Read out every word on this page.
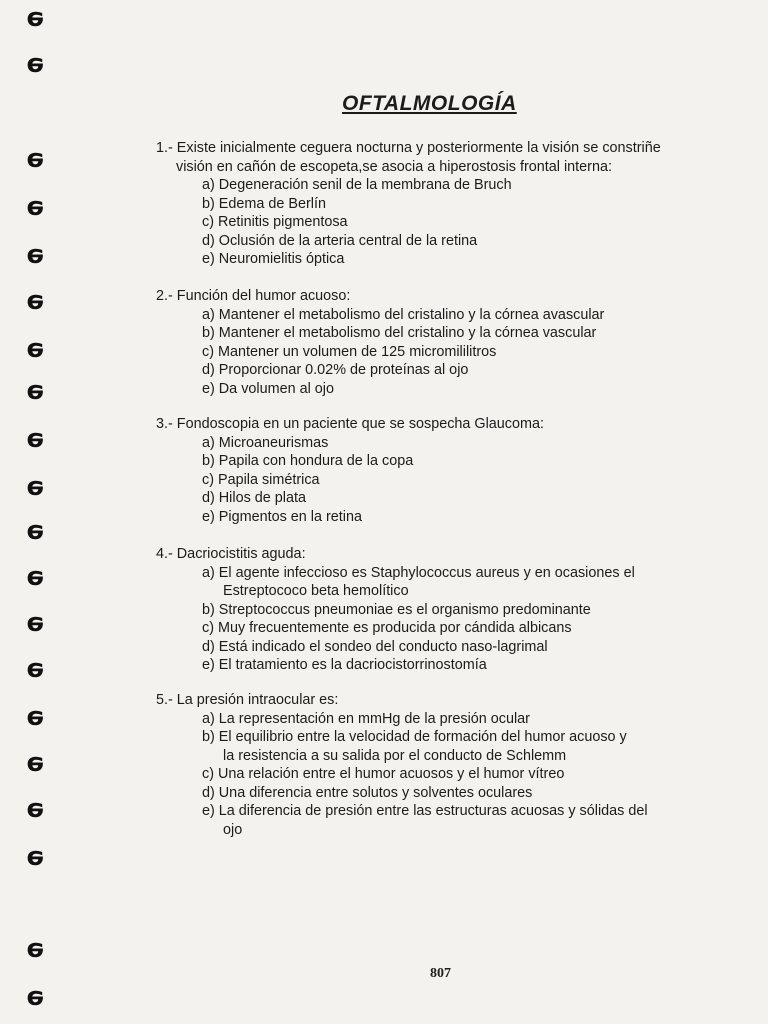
ə
ə
ə
ə
ə
ə
ə
ə
ə
ə
ə
ə
ə
ə
ə
ə
ə
ə
ə
ə
OFTALMOLOGÍA
1.- Existe inicialmente ceguera nocturna y posteriormente la visión se constriñe
visión en cañón de escopeta,se asocia a hiperostosis frontal interna:
a) Degeneración senil de la membrana de Bruch
b) Edema de Berlín
c) Retinitis pigmentosa
d) Oclusión de la arteria central de la retina
e) Neuromielitis óptica
2.- Función del humor acuoso:
a) Mantener el metabolismo del cristalino y la córnea avascular
b) Mantener el metabolismo del cristalino y la córnea vascular
c) Mantener un volumen de 125 micromililitros
d) Proporcionar 0.02% de proteínas al ojo
e) Da volumen al ojo
3.- Fondoscopia en un paciente que se sospecha Glaucoma:
a) Microaneurismas
b) Papila con hondura de la copa
c) Papila simétrica
d) Hilos de plata
e) Pigmentos en la retina
4.- Dacriocistitis aguda:
a) El agente infeccioso es Staphylococcus aureus y en ocasiones el
Estreptococo beta hemolítico
b) Streptococcus pneumoniae es el organismo predominante
c) Muy frecuentemente es producida por cándida albicans
d) Está indicado el sondeo del conducto naso-lagrimal
e) El tratamiento es la dacriocistorrinostomía
5.- La presión intraocular es:
a) La representación en mmHg de la presión ocular
b) El equilibrio entre la velocidad de formación del humor acuoso y
la resistencia a su salida por el conducto de Schlemm
c) Una relación entre el humor acuosos y el humor vítreo
d) Una diferencia entre solutos y solventes oculares
e) La diferencia de presión entre las estructuras acuosas y sólidas del
ojo
807
